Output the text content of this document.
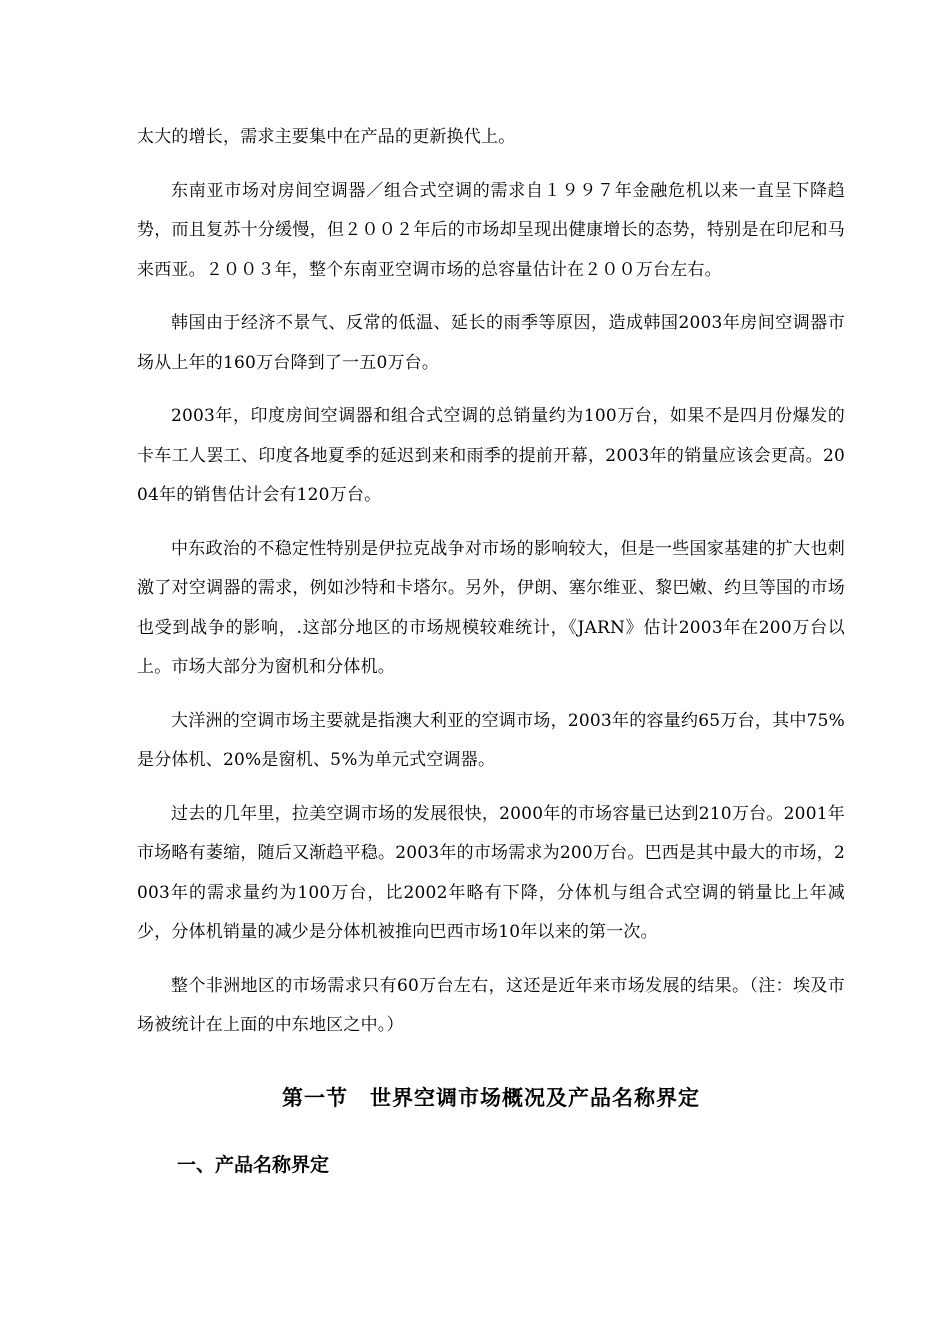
太大的增长，需求主要集中在产品的更新换代上。

东南亚市场对房间空调器／组合式空调的需求自１９９７年金融危机以来一直呈下降趋势，而且复苏十分缓慢，但２００２年后的市场却呈现出健康增长的态势，特别是在印尼和马来西亚。２００３年，整个东南亚空调市场的总容量估计在２００万台左右。

韩国由于经济不景气、反常的低温、延长的雨季等原因，造成韩国2003年房间空调器市场从上年的160万台降到了一五0万台。

2003年，印度房间空调器和组合式空调的总销量约为100万台，如果不是四月份爆发的卡车工人罢工、印度各地夏季的延迟到来和雨季的提前开幕，2003年的销量应该会更高。2004年的销售估计会有120万台。

中东政治的不稳定性特别是伊拉克战争对市场的影响较大，但是一些国家基建的扩大也刺激了对空调器的需求，例如沙特和卡塔尔。另外，伊朗、塞尔维亚、黎巴嫩、约旦等国的市场也受到战争的影响，.这部分地区的市场规模较难统计，《JARN》估计2003年在200万台以上。市场大部分为窗机和分体机。

大洋洲的空调市场主要就是指澳大利亚的空调市场，2003年的容量约65万台，其中75%是分体机、20%是窗机、5%为单元式空调器。

过去的几年里，拉美空调市场的发展很快，2000年的市场容量已达到210万台。2001年市场略有萎缩，随后又渐趋平稳。2003年的市场需求为200万台。巴西是其中最大的市场，2003年的需求量约为100万台，比2002年略有下降，分体机与组合式空调的销量比上年减少，分体机销量的减少是分体机被推向巴西市场10年以来的第一次。

整个非洲地区的市场需求只有60万台左右，这还是近年来市场发展的结果。（注：埃及市场被统计在上面的中东地区之中。）

第一节　世界空调市场概况及产品名称界定
一、产品名称界定
